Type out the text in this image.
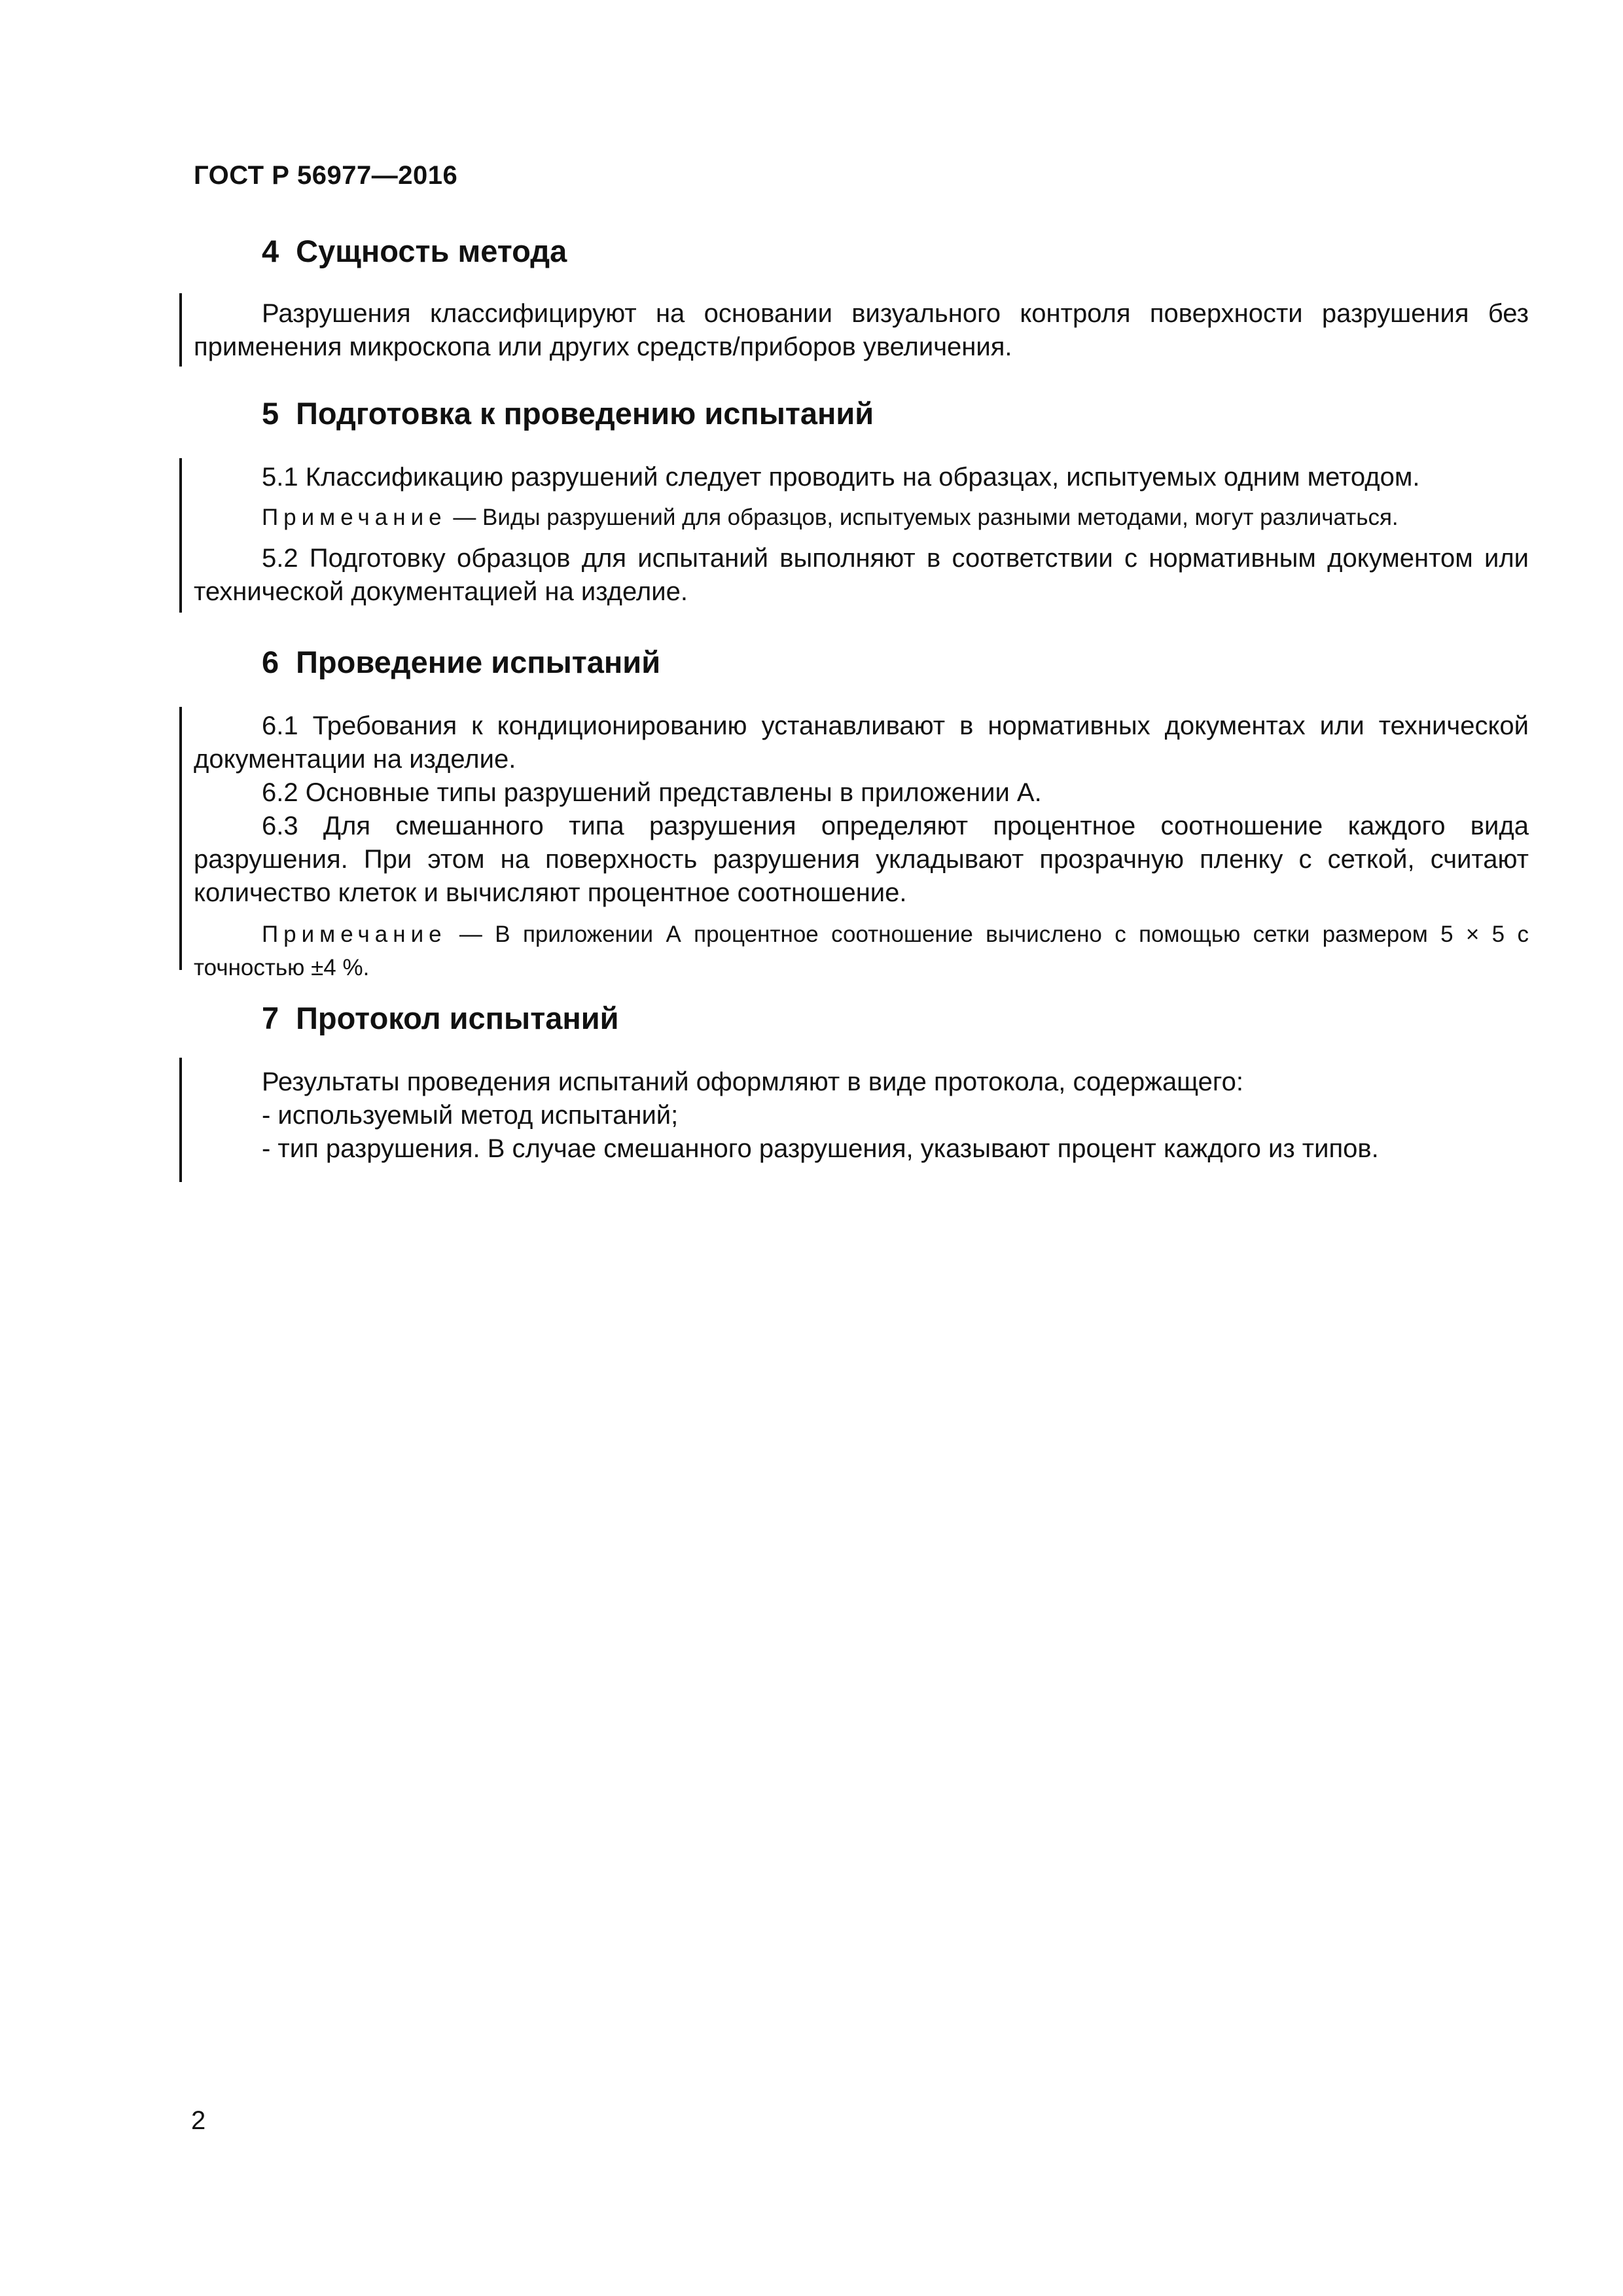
ГОСТ Р 56977—2016
4 Сущность метода

Разрушения классифицируют на основании визуального контроля поверхности разрушения без применения микроскопа или других средств/приборов увеличения.

5 Подготовка к проведению испытаний

5.1 Классификацию разрушений следует проводить на образцах, испытуемых одним методом.

Примечание — Виды разрушений для образцов, испытуемых разными методами, могут различаться.

5.2 Подготовку образцов для испытаний выполняют в соответствии с нормативным документом или технической документацией на изделие.

6 Проведение испытаний

6.1 Требования к кондиционированию устанавливают в нормативных документах или технической документации на изделие.

6.2 Основные типы разрушений представлены в приложении А.

6.3 Для смешанного типа разрушения определяют процентное соотношение каждого вида разрушения. При этом на поверхность разрушения укладывают прозрачную пленку с сеткой, считают количество клеток и вычисляют процентное соотношение.

Примечание — В приложении А процентное соотношение вычислено с помощью сетки размером 5 × 5 с точностью ±4 %.

7 Протокол испытаний

Результаты проведения испытаний оформляют в виде протокола, содержащего:

- используемый метод испытаний;

- тип разрушения. В случае смешанного разрушения, указывают процент каждого из типов.

2
